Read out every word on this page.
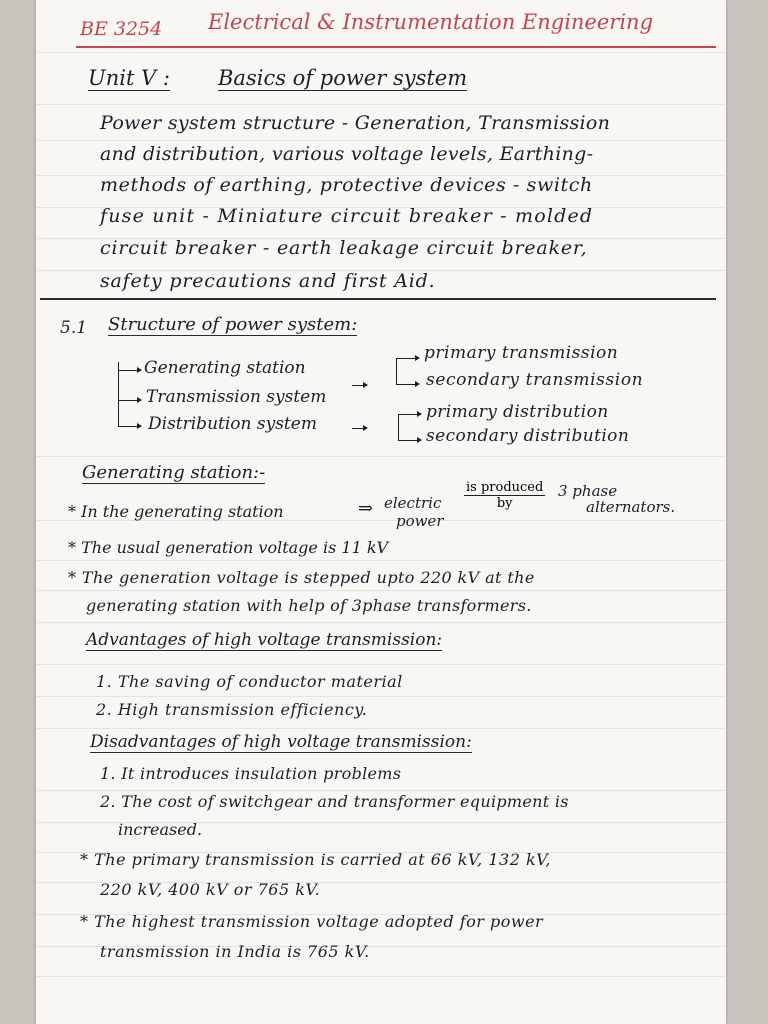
BE 3254 Electrical & Instrumentation Engineering
Unit V : Basics of power system
Power system structure - Generation, Transmission
and distribution, various voltage levels, Earthing-
methods of earthing, protective devices - switch
fuse unit - Miniature circuit breaker - molded
circuit breaker - earth leakage circuit breaker,
safety precautions and first Aid.
5.1 Structure of power system:
Generating station
Transmission system
Distribution system
primary transmission
secondary transmission
primary distribution
secondary distribution
Generating station:-
* In the generating station	⇒ electric
power
is produced
by
3 phase
alternators.
* The usual generation voltage is 11 kV
* The generation voltage is stepped upto 220 kV at the
generating station with help of 3phase transformers.
Advantages of high voltage transmission:
1. The saving of conductor material
2. High transmission efficiency.
Disadvantages of high voltage transmission:
1. It introduces insulation problems
2. The cost of switchgear and transformer equipment is
increased.
* The primary transmission is carried at 66 kV, 132 kV,
220 kV, 400 kV or 765 kV.
* The highest transmission voltage adopted for power
transmission in India is 765 kV.
